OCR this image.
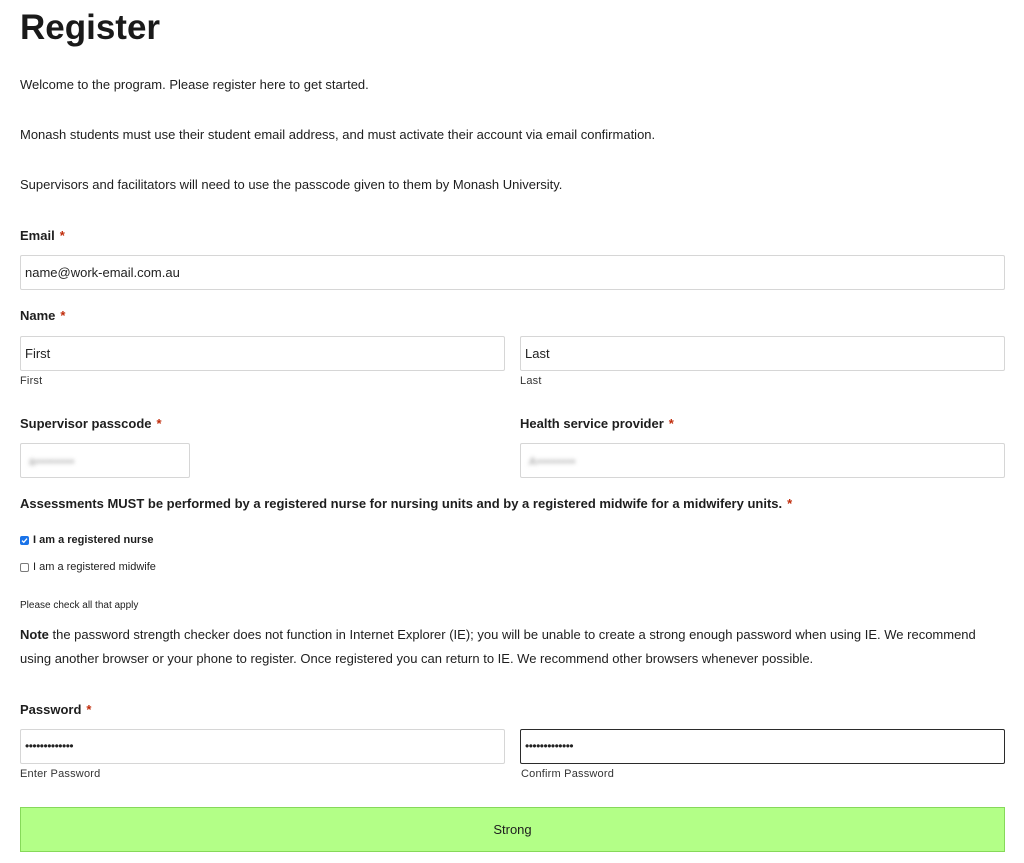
Register

Welcome to the program. Please register here to get started.

Monash students must use their student email address, and must activate their account via email confirmation.

Supervisors and facilitators will need to use the passcode given to them by Monash University.

Email *
name@work-email.com.au
Name *
First
First
Last
Last
Supervisor passcode *
a••••••••
Health service provider *
A••••••••
Assessments MUST be performed by a registered nurse for nursing units and by a registered midwife for a midwifery units. *
I am a registered nurse
I am a registered midwife
Please check all that apply

Note the password strength checker does not function in Internet Explorer (IE); you will be unable to create a strong enough password when using IE. We recommend using another browser or your phone to register. Once registered you can return to IE. We recommend other browsers whenever possible.

Password *
•••••••••••••
Enter Password
•••••••••••••
Confirm Password
Strong
